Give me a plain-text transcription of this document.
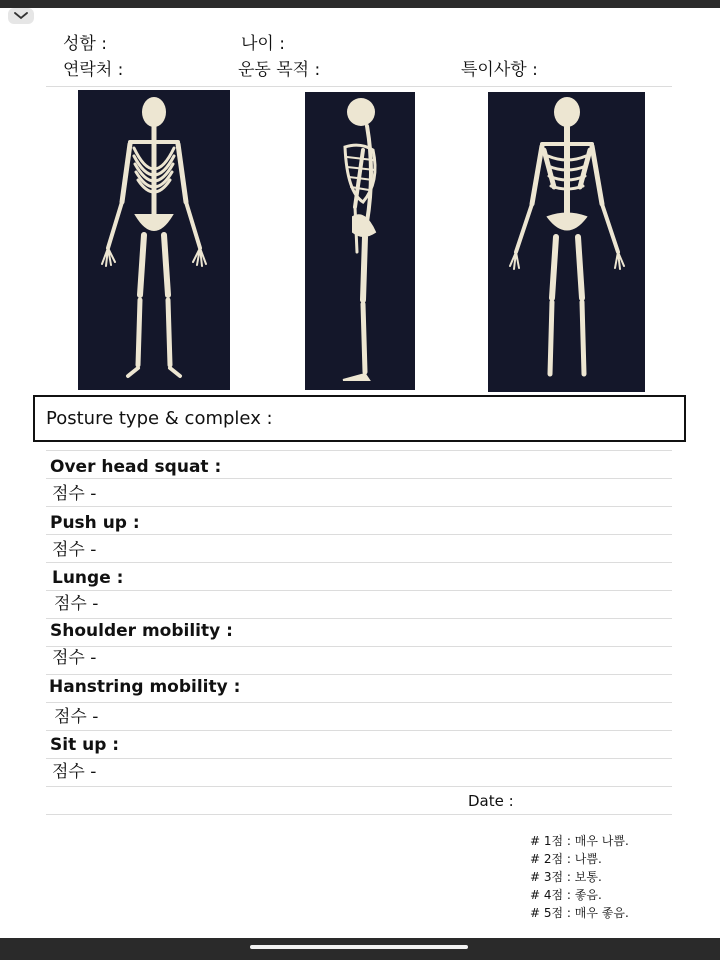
성함 :	나이 :
연락처 :	운동 목적 :	특이사항 :
Posture type & complex :
Over head squat :
점수 -
Push up :
점수 -
Lunge :
점수 -
Shoulder mobility :
점수 -
Hanstring mobility :
점수 -
Sit up :
점수 -
Date :
# 1점 : 매우 나쁨.
# 2점 : 나쁨.
# 3점 : 보통.
# 4점 : 좋음.
# 5점 : 매우 좋음.
